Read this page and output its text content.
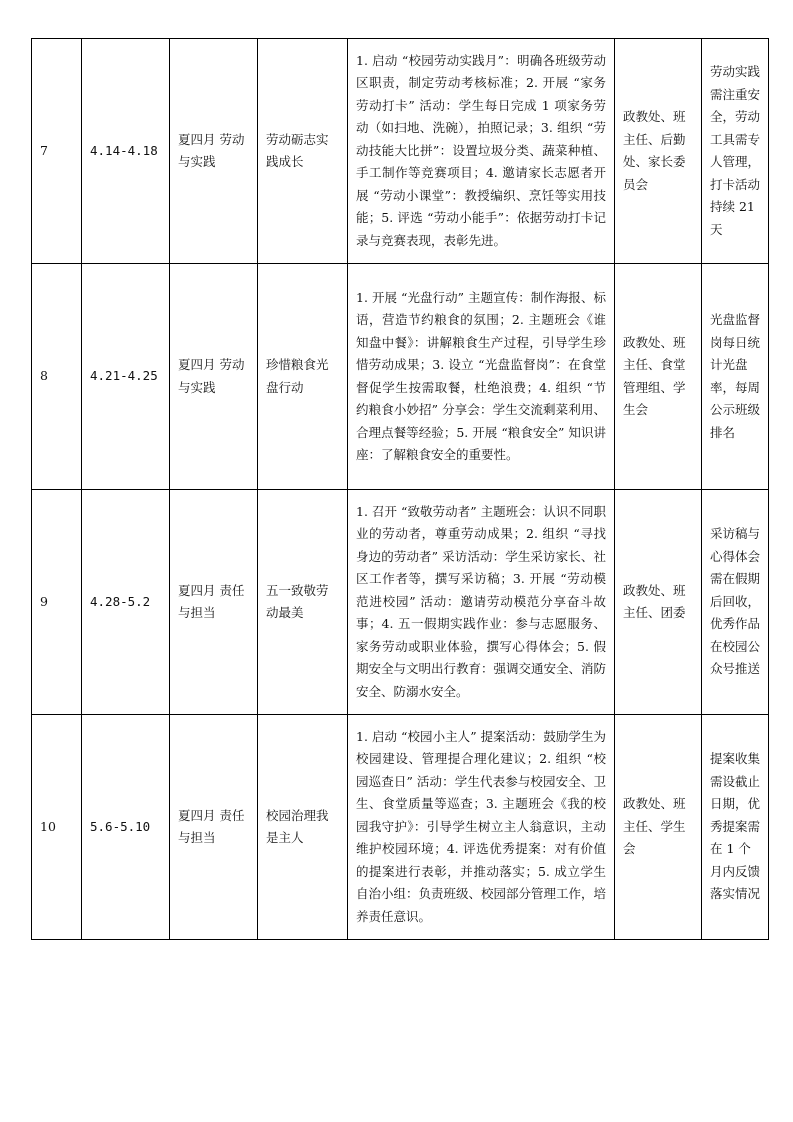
7	4.14-4.18	夏四月 劳动与实践	劳动砺志实践成长	1. 启动 “校园劳动实践月”：明确各班级劳动区职责，制定劳动考核标准；2. 开展 “家务劳动打卡” 活动：学生每日完成 1 项家务劳动（如扫地、洗碗），拍照记录；3. 组织 “劳动技能大比拼”：设置垃圾分类、蔬菜种植、手工制作等竞赛项目；4. 邀请家长志愿者开展 “劳动小课堂”：教授编织、烹饪等实用技能；5. 评选 “劳动小能手”：依据劳动打卡记录与竞赛表现，表彰先进。	政教处、班主任、后勤处、家长委员会	劳动实践需注重安全，劳动工具需专人管理，打卡活动持续 21 天
8	4.21-4.25	夏四月 劳动与实践	珍惜粮食光盘行动	1. 开展 “光盘行动” 主题宣传：制作海报、标语，营造节约粮食的氛围；2. 主题班会《谁知盘中餐》：讲解粮食生产过程，引导学生珍惜劳动成果；3. 设立 “光盘监督岗”：在食堂督促学生按需取餐，杜绝浪费；4. 组织 “节约粮食小妙招” 分享会：学生交流剩菜利用、合理点餐等经验；5. 开展 “粮食安全” 知识讲座：了解粮食安全的重要性。	政教处、班主任、食堂管理组、学生会	光盘监督岗每日统计光盘率，每周公示班级排名
9	4.28-5.2	夏四月 责任与担当	五一致敬劳动最美	1. 召开 “致敬劳动者” 主题班会：认识不同职业的劳动者，尊重劳动成果；2. 组织 “寻找身边的劳动者” 采访活动：学生采访家长、社区工作者等，撰写采访稿；3. 开展 “劳动模范进校园” 活动：邀请劳动模范分享奋斗故事；4. 五一假期实践作业：参与志愿服务、家务劳动或职业体验，撰写心得体会；5. 假期安全与文明出行教育：强调交通安全、消防安全、防溺水安全。	政教处、班主任、团委	采访稿与心得体会需在假期后回收，优秀作品在校园公众号推送
10	5.6-5.10	夏四月 责任与担当	校园治理我是主人	1. 启动 “校园小主人” 提案活动：鼓励学生为校园建设、管理提合理化建议；2. 组织 “校园巡查日” 活动：学生代表参与校园安全、卫生、食堂质量等巡查；3. 主题班会《我的校园我守护》：引导学生树立主人翁意识，主动维护校园环境；4. 评选优秀提案：对有价值的提案进行表彰，并推动落实；5. 成立学生自治小组：负责班级、校园部分管理工作，培养责任意识。	政教处、班主任、学生会	提案收集需设截止日期，优秀提案需在 1 个月内反馈落实情况
